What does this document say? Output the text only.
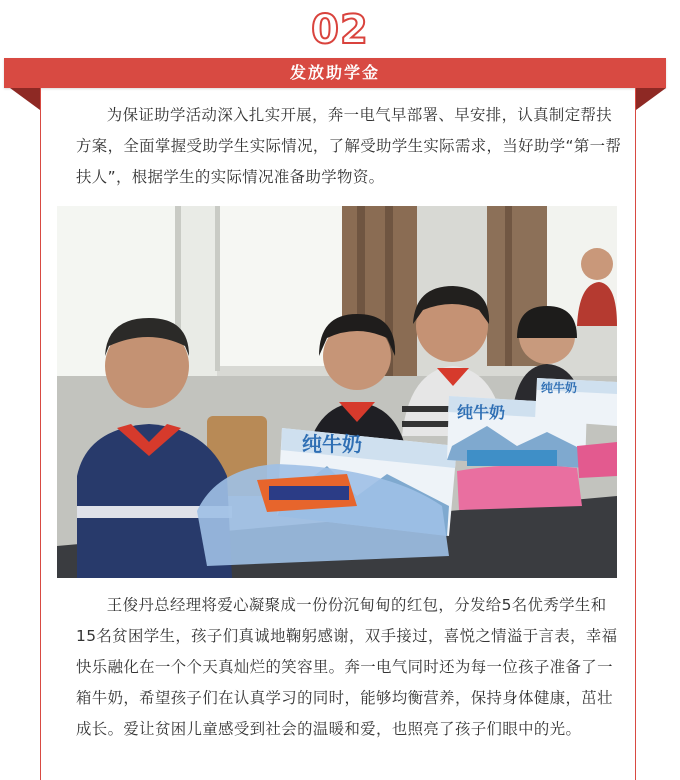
02
发放助学金

为保证助学活动深入扎实开展，奔一电气早部署、早安排，认真制定帮扶方案，全面掌握受助学生实际情况，了解受助学生实际需求，当好助学“第一帮扶人”，根据学生的实际情况准备助学物资。

纯牛奶
纯牛奶
纯牛奶

王俊丹总经理将爱心凝聚成一份份沉甸甸的红包，分发给5名优秀学生和15名贫困学生，孩子们真诚地鞠躬感谢，双手接过，喜悦之情溢于言表，幸福快乐融化在一个个天真灿烂的笑容里。奔一电气同时还为每一位孩子准备了一箱牛奶，希望孩子们在认真学习的同时，能够均衡营养，保持身体健康，茁壮成长。爱让贫困儿童感受到社会的温暖和爱，也照亮了孩子们眼中的光。
